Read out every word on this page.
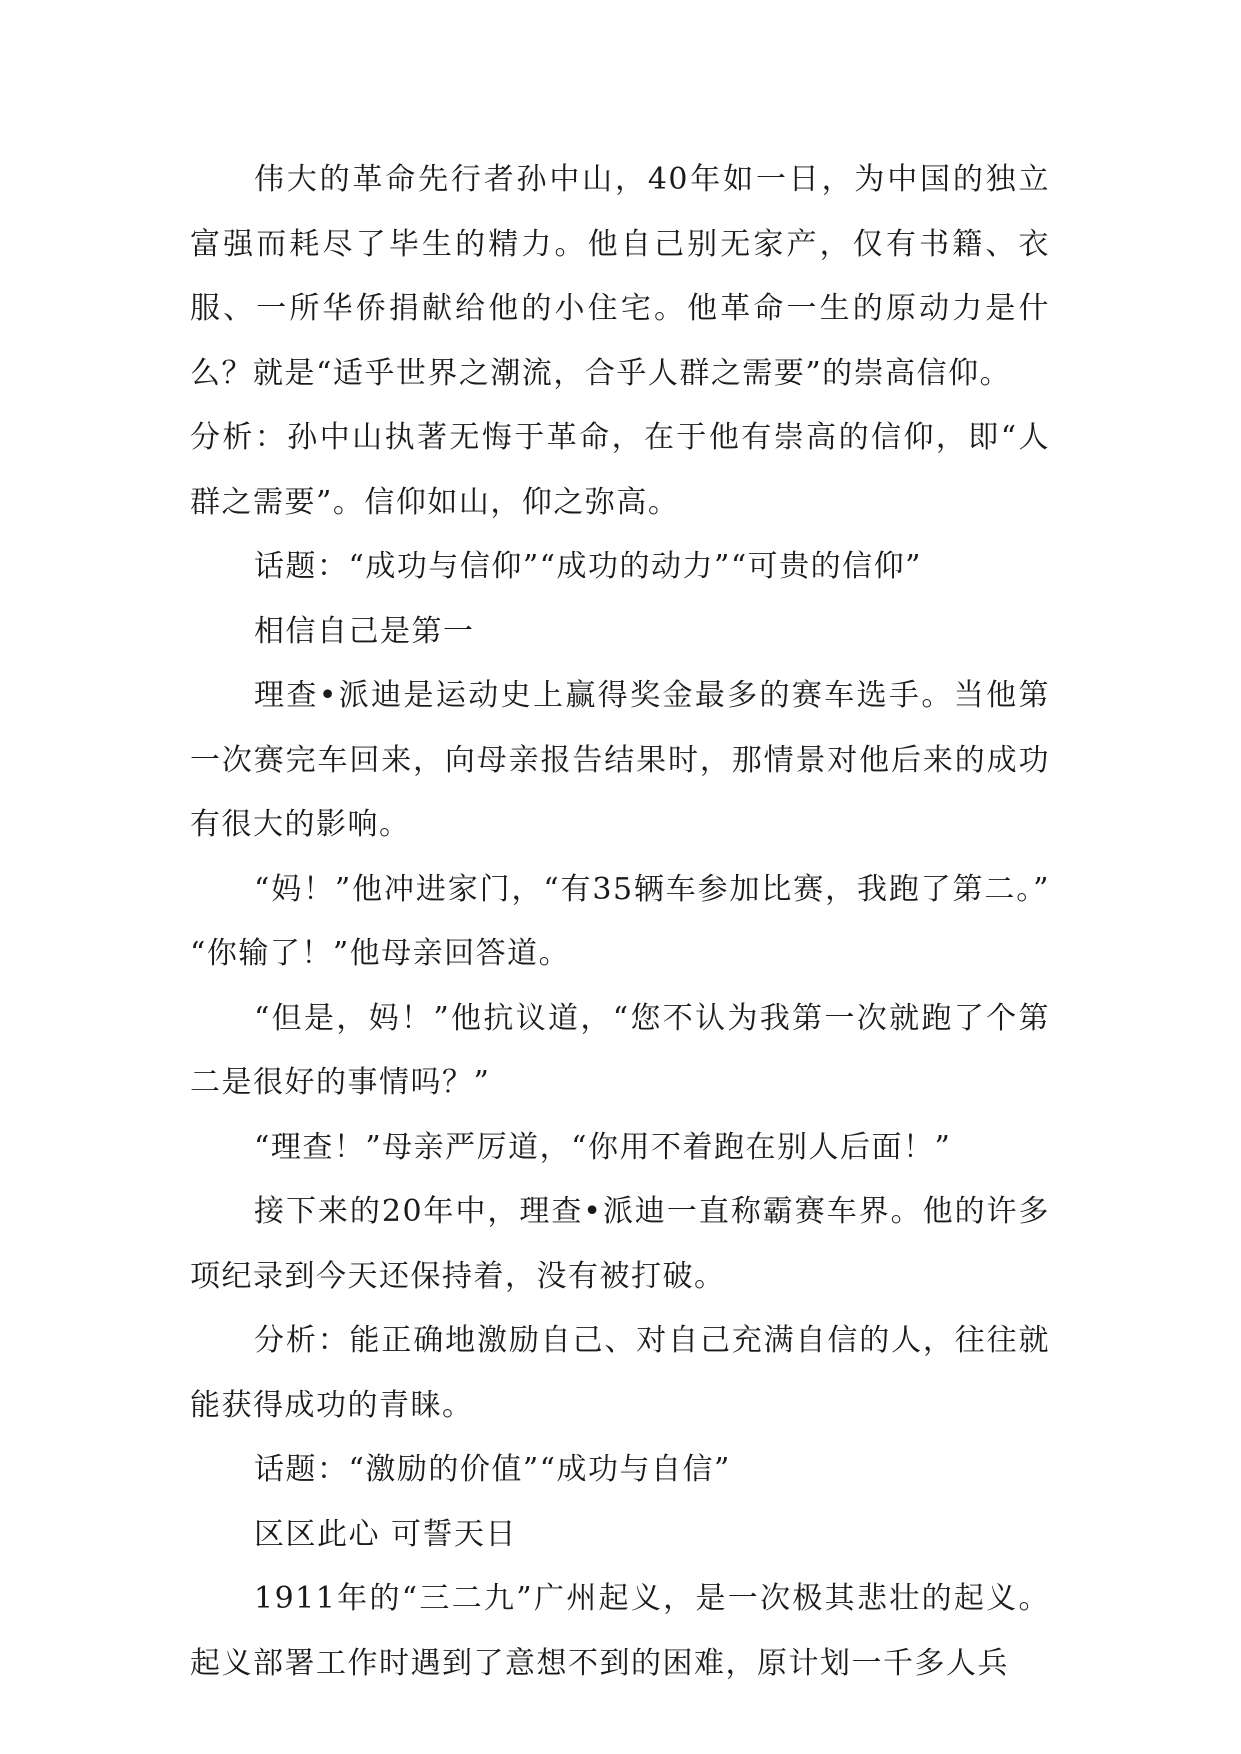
伟大的革命先行者孙中山，40年如一日，为中国的独立富强而耗尽了毕生的精力。他自己别无家产，仅有书籍、衣服、一所华侨捐献给他的小住宅。他革命一生的原动力是什么？就是“适乎世界之潮流，合乎人群之需要”的崇高信仰。

分析：孙中山执著无悔于革命，在于他有崇高的信仰，即“人群之需要”。信仰如山，仰之弥高。

话题：“成功与信仰”“成功的动力”“可贵的信仰”

相信自己是第一

理查•派迪是运动史上赢得奖金最多的赛车选手。当他第一次赛完车回来，向母亲报告结果时，那情景对他后来的成功有很大的影响。

“妈！”他冲进家门，“有35辆车参加比赛，我跑了第二。” “你输了！”他母亲回答道。

“但是，妈！”他抗议道，“您不认为我第一次就跑了个第二是很好的事情吗？”

“理查！”母亲严厉道，“你用不着跑在别人后面！”

接下来的20年中，理查•派迪一直称霸赛车界。他的许多项纪录到今天还保持着，没有被打破。

分析：能正确地激励自己、对自己充满自信的人，往往就能获得成功的青睐。

话题：“激励的价值”“成功与自信”

区区此心 可誓天日

1911年的“三二九”广州起义，是一次极其悲壮的起义。起义部署工作时遇到了意想不到的困难，原计划一千多人兵
